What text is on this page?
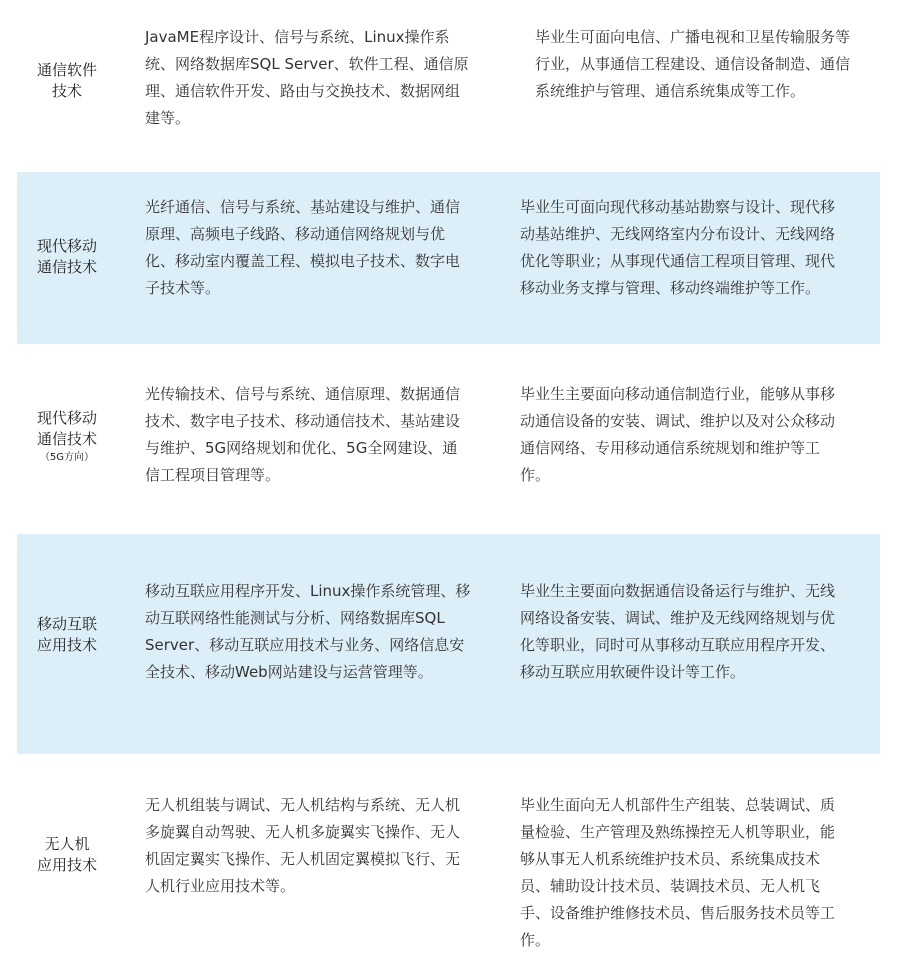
通信软件
技术
JavaME程序设计、信号与系统、Linux操作系
统、网络数据库SQL Server、软件工程、通信原
理、通信软件开发、路由与交换技术、数据网组
建等。
毕业生可面向电信、广播电视和卫星传输服务等
行业，从事通信工程建设、通信设备制造、通信
系统维护与管理、通信系统集成等工作。
现代移动
通信技术
光纤通信、信号与系统、基站建设与维护、通信
原理、高频电子线路、移动通信网络规划与优
化、移动室内覆盖工程、模拟电子技术、数字电
子技术等。
毕业生可面向现代移动基站勘察与设计、现代移
动基站维护、无线网络室内分布设计、无线网络
优化等职业；从事现代通信工程项目管理、现代
移动业务支撑与管理、移动终端维护等工作。
现代移动
通信技术
（5G方向）
光传输技术、信号与系统、通信原理、数据通信
技术、数字电子技术、移动通信技术、基站建设
与维护、5G网络规划和优化、5G全网建设、通
信工程项目管理等。
毕业生主要面向移动通信制造行业，能够从事移
动通信设备的安装、调试、维护以及对公众移动
通信网络、专用移动通信系统规划和维护等工
作。
移动互联
应用技术
移动互联应用程序开发、Linux操作系统管理、移
动互联网络性能测试与分析、网络数据库SQL
Server、移动互联应用技术与业务、网络信息安
全技术、移动Web网站建设与运营管理等。
毕业生主要面向数据通信设备运行与维护、无线
网络设备安装、调试、维护及无线网络规划与优
化等职业，同时可从事移动互联应用程序开发、
移动互联应用软硬件设计等工作。
无人机
应用技术
无人机组装与调试、无人机结构与系统、无人机
多旋翼自动驾驶、无人机多旋翼实飞操作、无人
机固定翼实飞操作、无人机固定翼模拟飞行、无
人机行业应用技术等。
毕业生面向无人机部件生产组装、总装调试、质
量检验、生产管理及熟练操控无人机等职业，能
够从事无人机系统维护技术员、系统集成技术
员、辅助设计技术员、装调技术员、无人机飞
手、设备维护维修技术员、售后服务技术员等工
作。
